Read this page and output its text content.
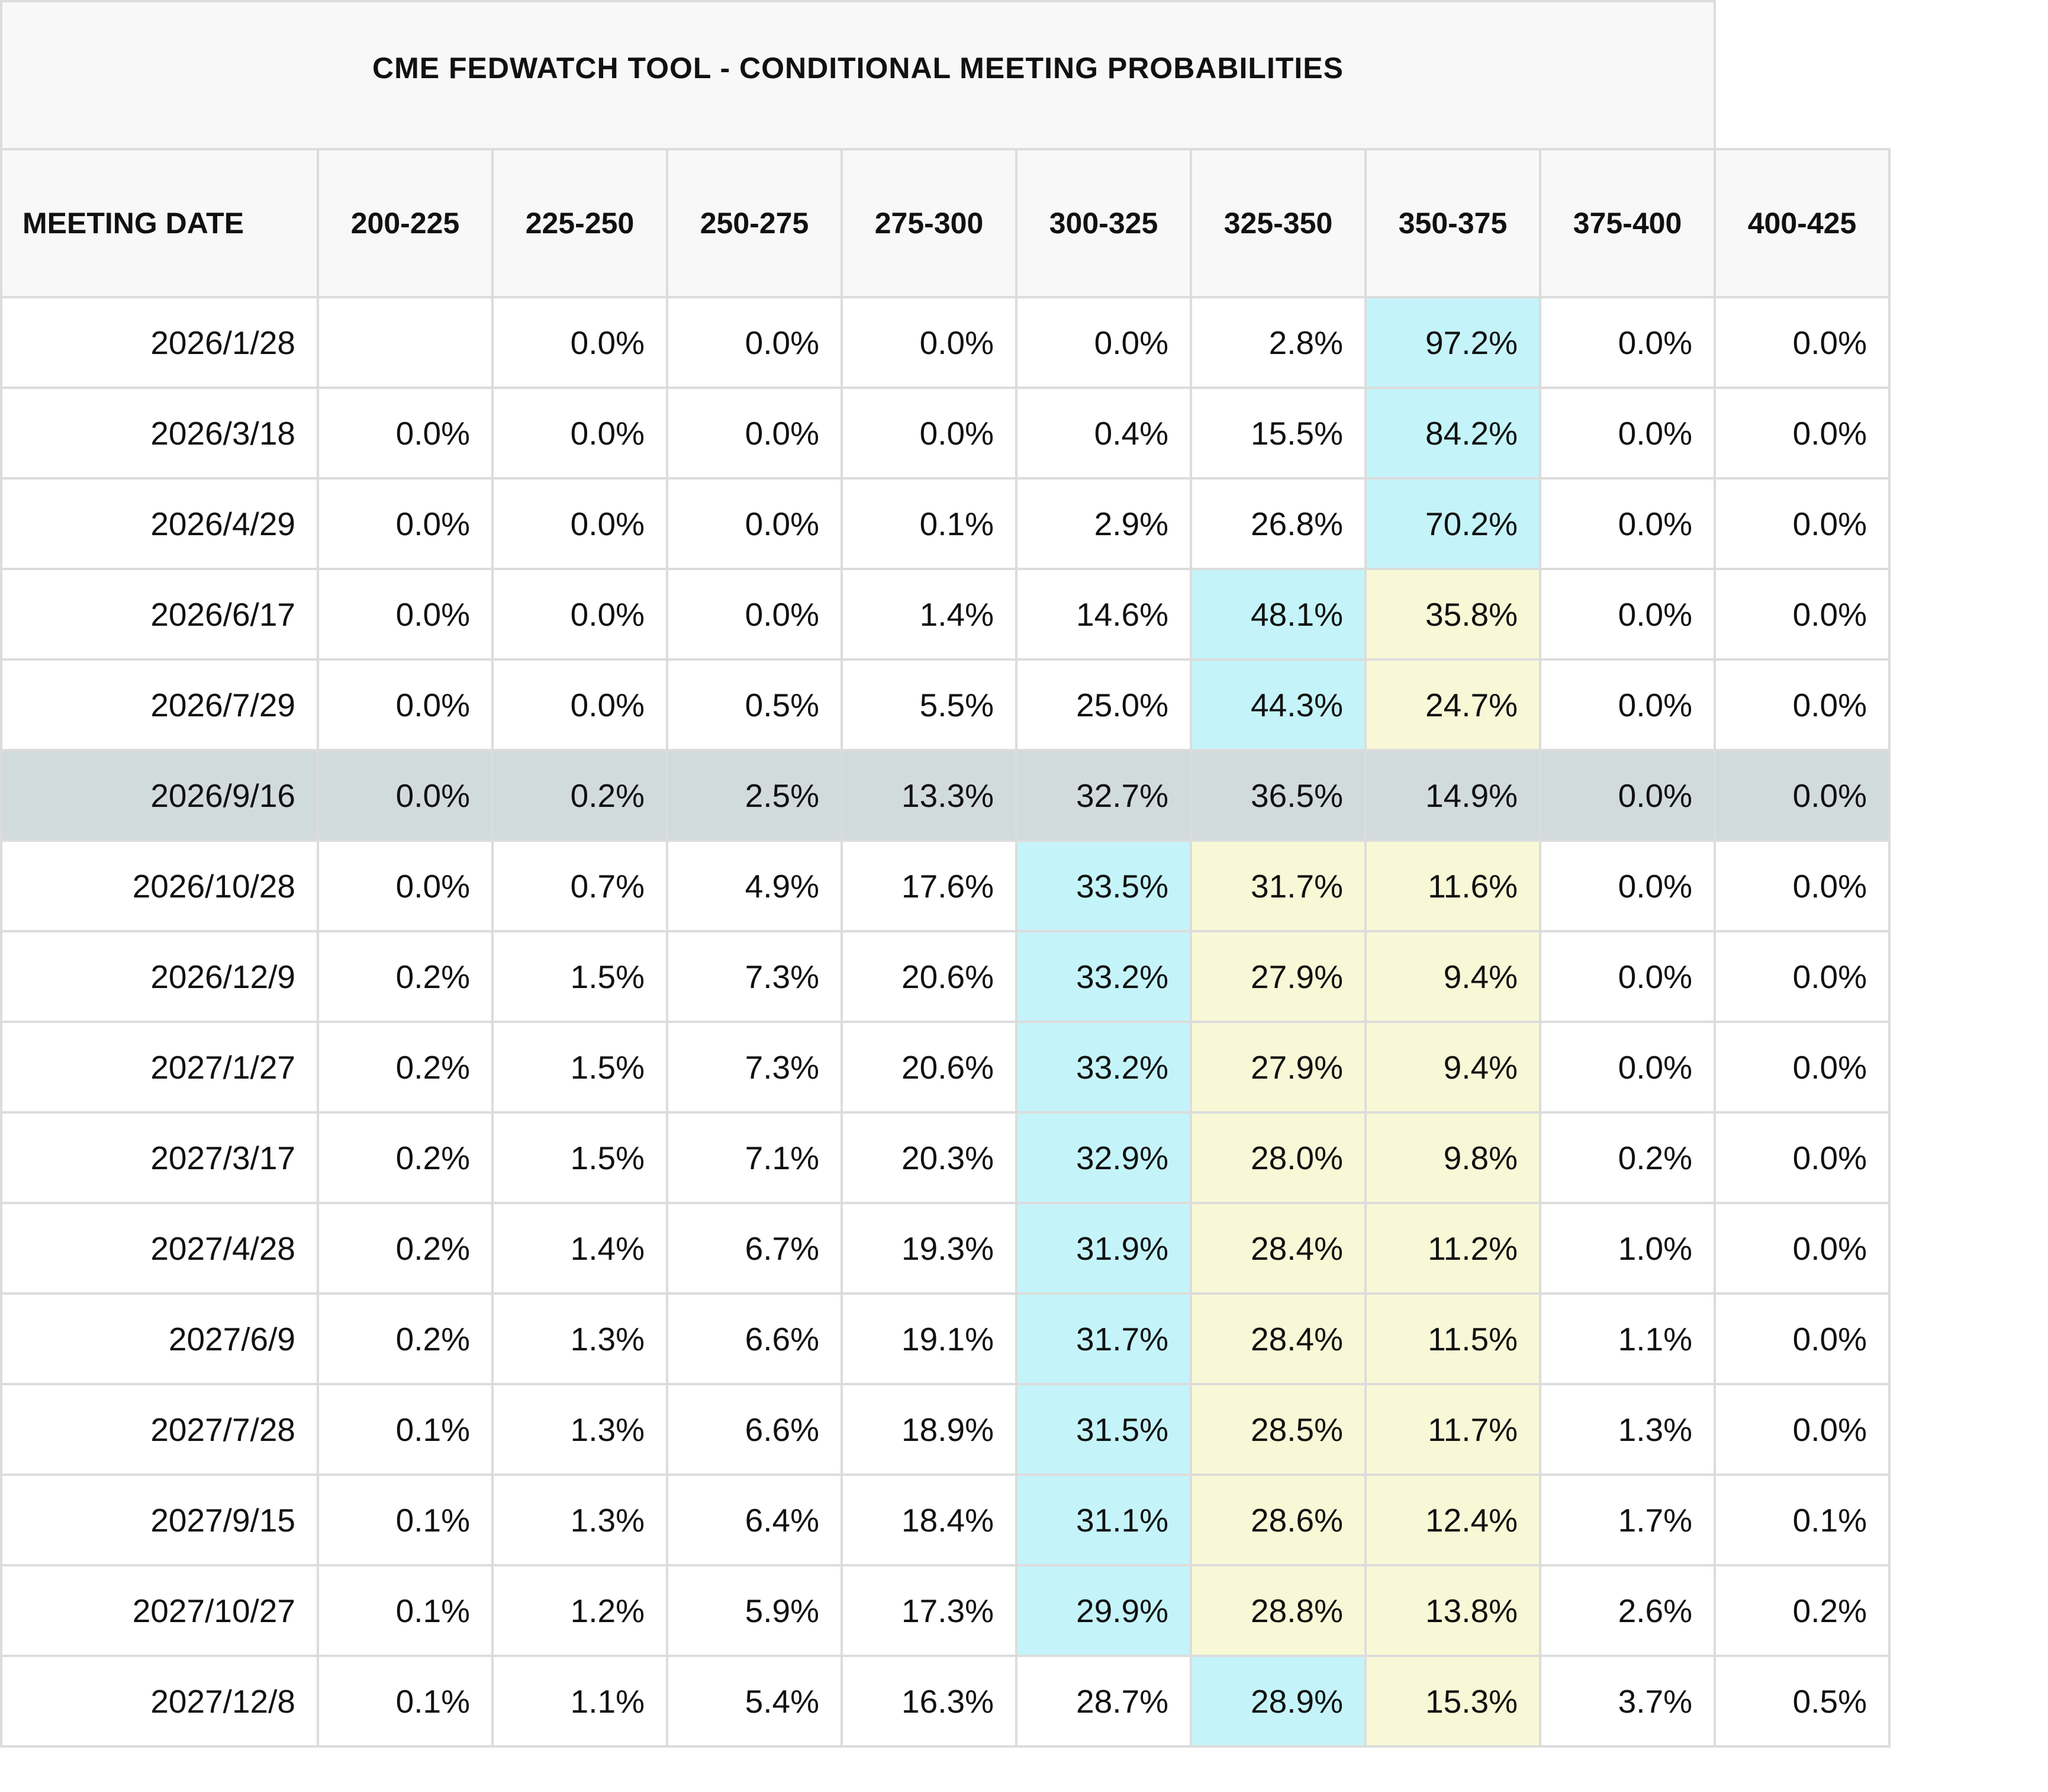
CME FEDWATCH TOOL - CONDITIONAL MEETING PROBABILITIES									
MEETING DATE	200-225	225-250	250-275	275-300	300-325	325-350	350-375	375-400	400-425
2026/1/28		0.0%	0.0%	0.0%	0.0%	2.8%	97.2%	0.0%	0.0%
2026/3/18	0.0%	0.0%	0.0%	0.0%	0.4%	15.5%	84.2%	0.0%	0.0%
2026/4/29	0.0%	0.0%	0.0%	0.1%	2.9%	26.8%	70.2%	0.0%	0.0%
2026/6/17	0.0%	0.0%	0.0%	1.4%	14.6%	48.1%	35.8%	0.0%	0.0%
2026/7/29	0.0%	0.0%	0.5%	5.5%	25.0%	44.3%	24.7%	0.0%	0.0%
2026/9/16	0.0%	0.2%	2.5%	13.3%	32.7%	36.5%	14.9%	0.0%	0.0%
2026/10/28	0.0%	0.7%	4.9%	17.6%	33.5%	31.7%	11.6%	0.0%	0.0%
2026/12/9	0.2%	1.5%	7.3%	20.6%	33.2%	27.9%	9.4%	0.0%	0.0%
2027/1/27	0.2%	1.5%	7.3%	20.6%	33.2%	27.9%	9.4%	0.0%	0.0%
2027/3/17	0.2%	1.5%	7.1%	20.3%	32.9%	28.0%	9.8%	0.2%	0.0%
2027/4/28	0.2%	1.4%	6.7%	19.3%	31.9%	28.4%	11.2%	1.0%	0.0%
2027/6/9	0.2%	1.3%	6.6%	19.1%	31.7%	28.4%	11.5%	1.1%	0.0%
2027/7/28	0.1%	1.3%	6.6%	18.9%	31.5%	28.5%	11.7%	1.3%	0.0%
2027/9/15	0.1%	1.3%	6.4%	18.4%	31.1%	28.6%	12.4%	1.7%	0.1%
2027/10/27	0.1%	1.2%	5.9%	17.3%	29.9%	28.8%	13.8%	2.6%	0.2%
2027/12/8	0.1%	1.1%	5.4%	16.3%	28.7%	28.9%	15.3%	3.7%	0.5%
